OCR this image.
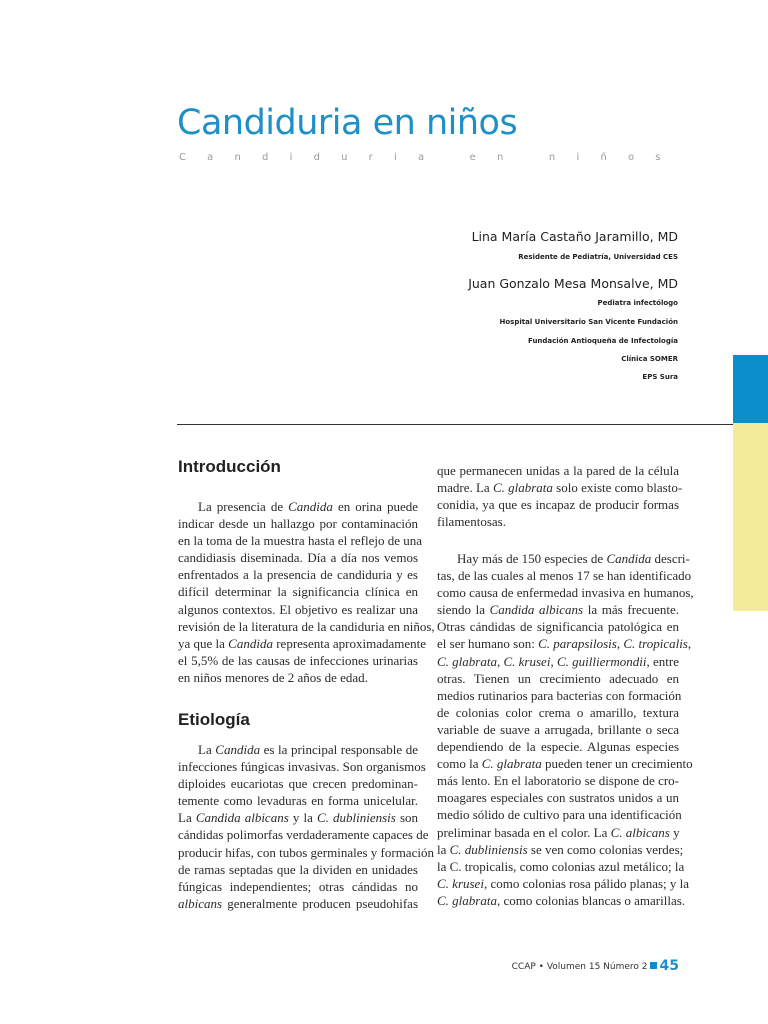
Candiduria en niños
Candiduria en niños
Lina María Castaño Jaramillo, MD
Residente de Pediatría, Universidad CES
Juan Gonzalo Mesa Monsalve, MD
Pediatra infectólogo
Hospital Universitario San Vicente Fundación
Fundación Antioqueña de Infectología
Clínica SOMER
EPS Sura
Introducción
La presencia de Candida en orina puede
indicar desde un hallazgo por contaminación
en la toma de la muestra hasta el reflejo de una
candidiasis diseminada. Día a día nos vemos
enfrentados a la presencia de candiduria y es
difícil determinar la significancia clínica en
algunos contextos. El objetivo es realizar una
revisión de la literatura de la candiduria en niños,
ya que la Candida representa aproximadamente
el 5,5% de las causas de infecciones urinarias
en niños menores de 2 años de edad.
Etiología
La Candida es la principal responsable de
infecciones fúngicas invasivas. Son organismos
diploides eucariotas que crecen predominan-
temente como levaduras en forma unicelular.
La Candida albicans y la C. dubliniensis son
cándidas polimorfas verdaderamente capaces de
producir hifas, con tubos germinales y formación
de ramas septadas que la dividen en unidades
fúngicas independientes; otras cándidas no
albicans generalmente producen pseudohifas
que permanecen unidas a la pared de la célula
madre. La C. glabrata solo existe como blasto-
conidia, ya que es incapaz de producir formas
filamentosas.
Hay más de 150 especies de Candida descri-
tas, de las cuales al menos 17 se han identificado
como causa de enfermedad invasiva en humanos,
siendo la Candida albicans la más frecuente.
Otras cándidas de significancia patológica en
el ser humano son: C. parapsilosis, C. tropicalis,
C. glabrata, C. krusei, C. guilliermondii, entre
otras. Tienen un crecimiento adecuado en
medios rutinarios para bacterias con formación
de colonias color crema o amarillo, textura
variable de suave a arrugada, brillante o seca
dependiendo de la especie. Algunas especies
como la C. glabrata pueden tener un crecimiento
más lento. En el laboratorio se dispone de cro-
moagares especiales con sustratos unidos a un
medio sólido de cultivo para una identificación
preliminar basada en el color. La C. albicans y
la C. dubliniensis se ven como colonias verdes;
la C. tropicalis, como colonias azul metálico; la
C. krusei, como colonias rosa pálido planas; y la
C. glabrata, como colonias blancas o amarillas.
CCAP • Volumen 15 Número 2 45
